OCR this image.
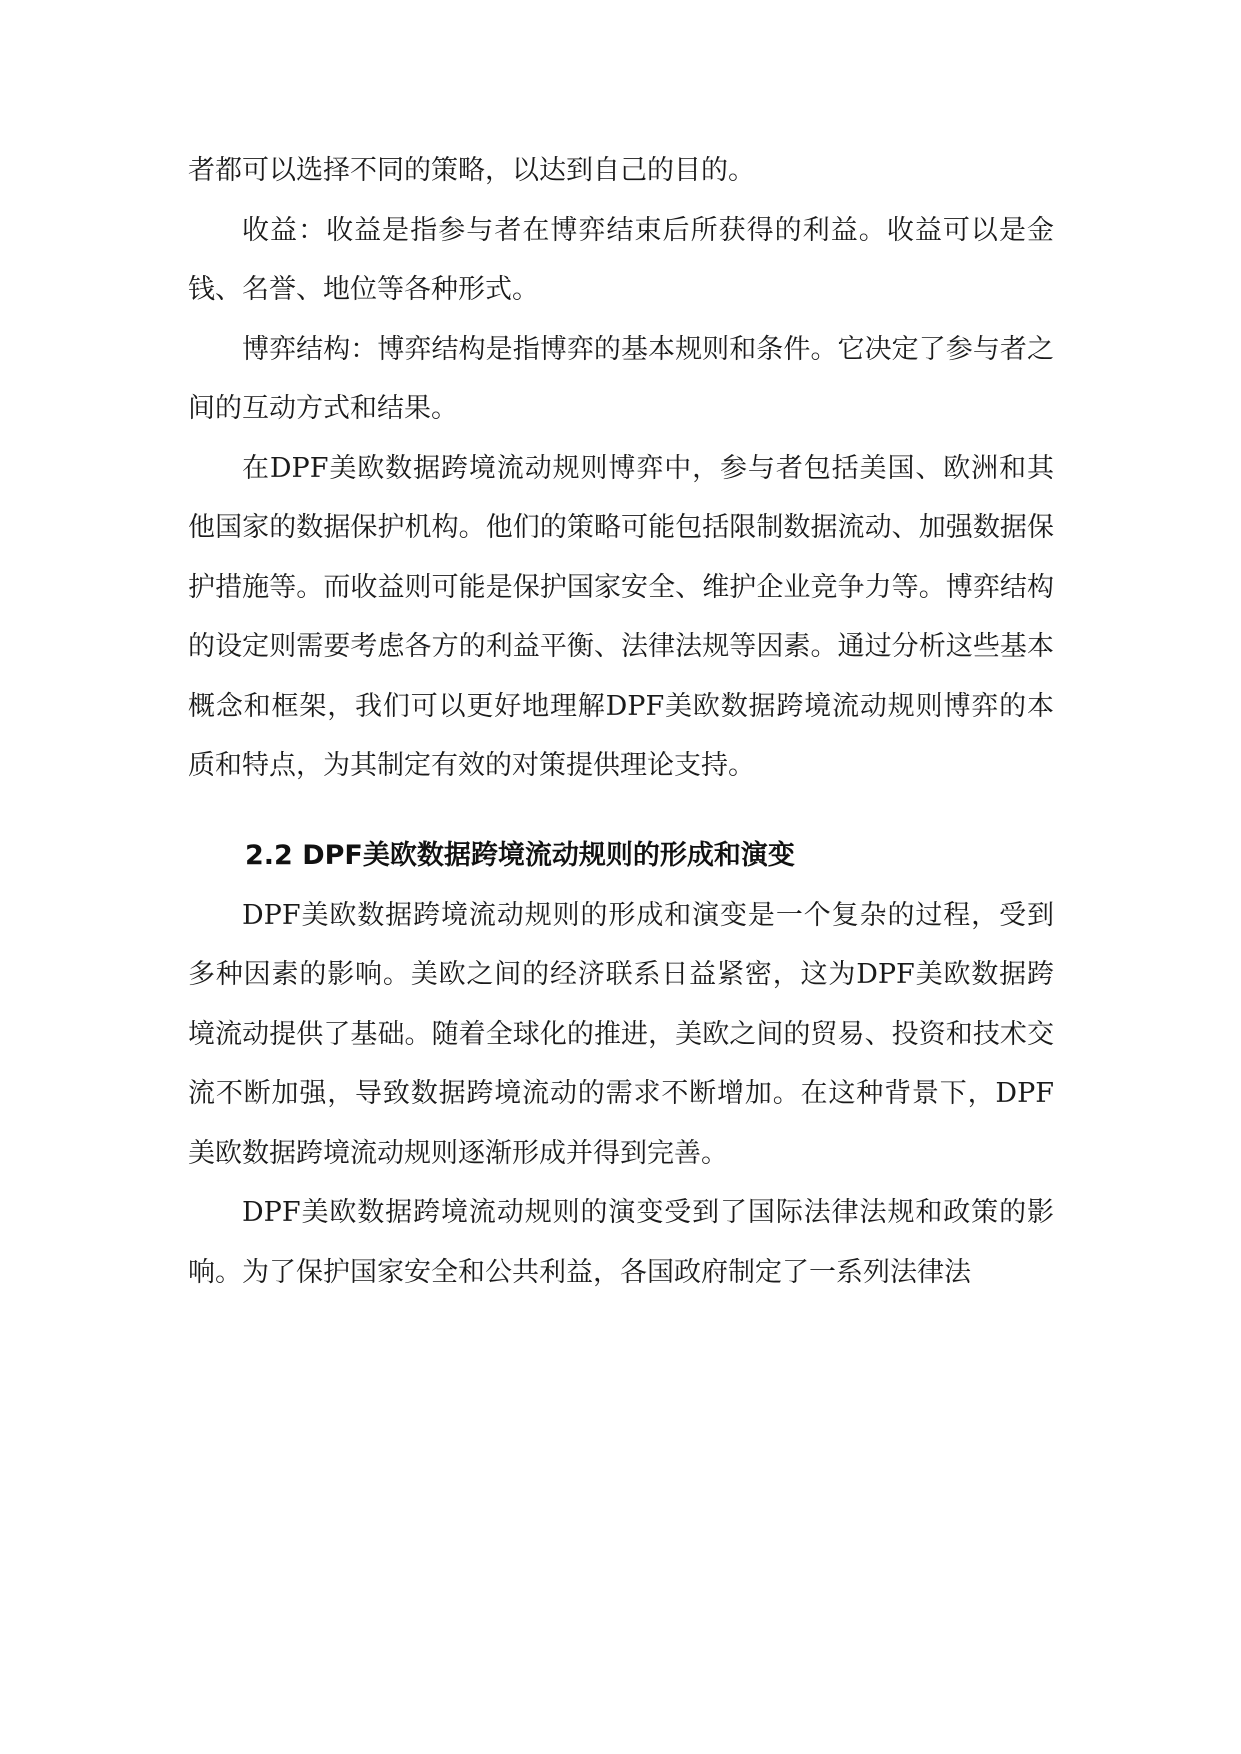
者都可以选择不同的策略，以达到自己的目的。

收益：收益是指参与者在博弈结束后所获得的利益。收益可以是金钱、名誉、地位等各种形式。

博弈结构：博弈结构是指博弈的基本规则和条件。它决定了参与者之间的互动方式和结果。

在DPF美欧数据跨境流动规则博弈中，参与者包括美国、欧洲和其他国家的数据保护机构。他们的策略可能包括限制数据流动、加强数据保护措施等。而收益则可能是保护国家安全、维护企业竞争力等。博弈结构的设定则需要考虑各方的利益平衡、法律法规等因素。通过分析这些基本概念和框架，我们可以更好地理解DPF美欧数据跨境流动规则博弈的本质和特点，为其制定有效的对策提供理论支持。

2.2 DPF美欧数据跨境流动规则的形成和演变

DPF美欧数据跨境流动规则的形成和演变是一个复杂的过程，受到多种因素的影响。美欧之间的经济联系日益紧密，这为DPF美欧数据跨境流动提供了基础。随着全球化的推进，美欧之间的贸易、投资和技术交流不断加强，导致数据跨境流动的需求不断增加。在这种背景下，DPF美欧数据跨境流动规则逐渐形成并得到完善。

DPF美欧数据跨境流动规则的演变受到了国际法律法规和政策的影响。为了保护国家安全和公共利益，各国政府制定了一系列法律法
